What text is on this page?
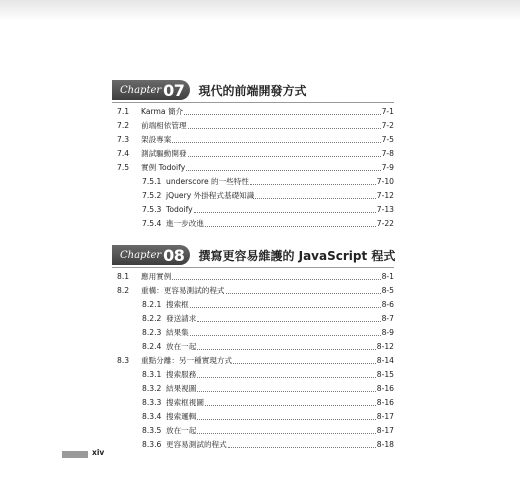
Chapter 07 現代的前端開發方式
7.1	Karma 簡介	7-1
7.2	前端相依管理	7-2
7.3	架設專案	7-5
7.4	測試驅動開發	7-8
7.5	實例 Todoify	7-9
7.5.1 underscore 的一些特性	7-10
7.5.2 jQuery 外掛程式基礎知識	7-12
7.5.3 Todoify	7-13
7.5.4 進一步改進	7-22
Chapter 08 撰寫更容易維護的 JavaScript 程式
8.1	應用實例	8-1
8.2	重構：更容易測試的程式	8-5
8.2.1 搜索框	8-6
8.2.2 發送請求	8-7
8.2.3 結果集	8-9
8.2.4 放在一起	8-12
8.3	重點分離：另一種實現方式	8-14
8.3.1 搜索服務	8-15
8.3.2 結果視圖	8-16
8.3.3 搜索框視圖	8-16
8.3.4 搜索邏輯	8-17
8.3.5 放在一起	8-17
8.3.6 更容易測試的程式	8-18
xiv
